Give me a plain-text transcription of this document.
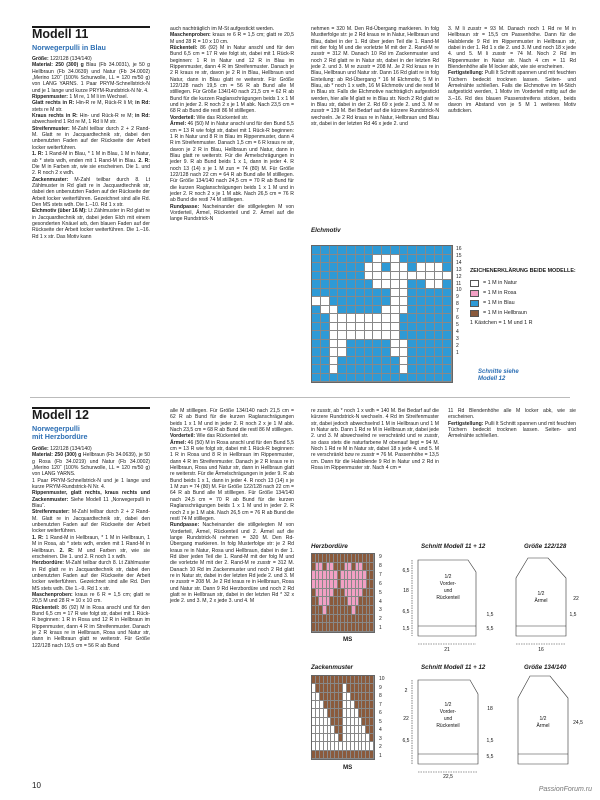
Modell 11
Norwegerpulli in Blau

Größe: 122/128 (134/140)

Material: 250 (300) g Blau (Fb 34.0031), je 50 g Hellbraun (Fb 34.0639) und Natur (Fb 34.0002) „Merino 120“ (100% Schurwolle, LL = 120 m/50 g) von LANG YARNS. 1 Paar PRYM-Schnellstrick-N und je 1 lange und kurze PRYM-Rundstrick-N Nr. 4.

Rippenmuster: 1 M re, 1 M li im Wechsel.

Glatt rechts in R: Hin-R re M, Rück-R li M; in Rd: stets re M str.

Kraus rechts in R: Hin- und Rück-R re M; in Rd: abwechselnd 1 Rd re M, 1 Rd li M str.

Streifenmuster: M-Zahl teilbar durch 2 + 2 Rand-M. Glatt re in Jacquardtechnik str, dabei den unbenutzten Faden auf der Rückseite der Arbeit locker weiterführen.

1. R: 1 Rand-M in Blau, * 1 M in Blau, 1 M in Natur, ab * stets wdh, enden mit 1 Rand-M in Blau. 2. R: Die M in Farben str, wie sie erscheinen. Die 1. und 2. R noch 2 x wdh.

Zackenmuster: M-Zahl teilbar durch 8. Lt Zählmuster in Rd glatt re in Jacquardtechnik str, dabei den unbenutzten Faden auf der Rückseite der Arbeit locker weiterführen. Gezeichnet sind alle Rd. Den MS stets wdh. Die 1.–10. Rd 1 x str.

Elchmotiv (über 16 M): Lt Zählmuster in Rd glatt re in Jacquardtechnik str, dabei jeden Elch mit einem gesonderten Knäuel arb, den blauen Faden auf der Rückseite der Arbeit locker weiterführen. Die 1.–16. Rd 1 x str. Das Motiv kann

auch nachträglich im M-St aufgestickt werden.

Maschenproben: kraus re 6 R = 1,5 cm; glatt re 20,5 M und 28 R = 10 x 10 cm.

Rückenteil: 86 (92) M in Natur anschl und für den Bund 6,5 cm = 17 R wie folgt str, dabei mit 1 Rück-R beginnen: 1 R in Natur und 12 R in Blau im Rippenmuster, dann 4 R im Streifenmuster. Danach je 2 R kraus re str, davon je 2 R in Blau, Hellbraun und Natur, dann in Blau glatt re weiterstr. Für Größe 122/128 nach 19,5 cm = 56 R ab Bund alle M stilllegen. Für Größe 134/140 nach 21,5 cm = 62 R ab Bund für die kurzen Raglanschrägungen beids 1 x 1 M und in jeder 2. R noch 2 x je 1 M abk. Nach 23,5 cm = 68 R ab Bund die restl 86 M stilllegen.

Vorderteil: Wie das Rückenteil str.

Ärmel: 46 (50) M in Natur anschl und für den Bund 5,5 cm = 13 R wie folgt str, dabei mit 1 Rück-R beginnen: 1 R in Natur und 8 R in Blau im Rippenmuster, dann 4 R im Streifenmuster. Danach 1,5 cm = 6 R kraus re str, davon je 2 R in Blau, Hellbraun und Natur, dann in Blau glatt re weiterstr. Für die Ärmelschrägungen in jeder 9. R ab Bund beids 1 x 1, dann in jeder 4. R noch 13 (14) x je 1 M zun = 74 (80) M. Für Größe 122/128 nach 22 cm = 64 R ab Bund alle M stilllegen. Für Größe 134/140 nach 24,5 cm = 70 R ab Bund für die kurzen Raglanschrägungen beids 1 x 1 M und in jeder 2. R noch 2 x je 1 M abk. Nach 26,5 cm = 76 R ab Bund die restl 74 M stilllegen.

Rundpasse: Nacheinander die stillgelegten M von Vorderteil, Ärmel, Rückenteil und 2. Ärmel auf die lange Rundstrick-N

nehmen = 320 M. Den Rd-Übergang markieren. In folg Mustterfolge str: je 2 Rd kraus re in Natur, Hellbraun und Blau, dabei in der 1. Rd über jeden Teil die 1. Rand-M mit der folg M und die vorletzte M mit der 2. Rand-M re zusstr = 312 M. Danach 10 Rd im Zackenmuster und noch 2 Rd glatt re in Natur str, dabei in der letzten Rd jede 2. und 3. M re zusstr = 208 M. Je 2 Rd kraus re in Blau, Hellbraun und Natur str. Dann 16 Rd glatt re in folg Einteilung: ab Rd-Übergang * 16 M Elchmotiv, 5 M in Blau, ab * noch 1 x wdh, 16 M Elchmotiv und die restl M in Blau str. Falls die Elchmotive nachträglich aufgestickt werden, hier alle M glatt re in Blau str. Noch 2 Rd glatt re in Blau str, dabei in der 2. Rd 69 x jede 2. und 3. M re zusstr = 139 M. Bei Bedarf auf die kürzere Rundstrick-N wechseln. Je 2 Rd kraus re in Natur, Hellbraun und Blau str, dabei in der letzten Rd 46 x jede 2. und

3. M li zusstr = 93 M. Danach noch 1 Rd re M in Hellbraun str = 15,5 cm Passenhöhe. Dann für die Halsblende 9 Rd im Rippenmuster in Hellbraun str, dabei in der 1. Rd 1 x die 2. und 3. M und noch 18 x jede 4. und 5. M li zusstr = 74 M. Noch 2 Rd im Rippenmuster in Natur str. Nach 4 cm = 11 Rd Blendenhöhe alle M locker abk, wie sie erscheinen.

Fertigstellung: Pulli lt Schnitt spannen und mit feuchten Tüchern bedeckt trocknen lassen. Seiten- und Ärmelnähte schließen. Falls die Elchmotive im M-Stich aufgestickt werden, 1 Motiv im Vorderteil mittig auf die 3.–16. Rd des blauen Passenstreifens sticken, beids davon im Abstand von je 5 M 1 weiteres Motiv aufsticken.

Elchmotiv
16
15
14
13
12
11
10
9
8
7
6
5
4
3
2
1
ZEICHENERKLÄRUNG BEIDE MODELLE:
= 1 M in Natur
= 1 M in Rosa
= 1 M in Blau
= 1 M in Hellbraun
1 Kästchen = 1 M und 1 R
Schnitte siehe
Modell 12
Modell 12
Norwegerpulli
mit Herzbordüre

Größe: 122/128 (134/140)

Material: 250 (300) g Hellbraun (Fb 34.0639), je 50 g Rosa (Fb 34.0219) und Natur (Fb 34.0002) „Merino 120“ (100% Schurwolle, LL = 120 m/50 g) von LANG YARNS.

1 Paar PRYM-Schnellstrick-N und je 1 lange und kurze PRYM-Rundstrick-N Nr. 4.

Rippenmuster, glatt rechts, kraus rechts und Zackenmuster: Siehe Modell 11 „Norwegerpulli in Blau“.

Streifenmuster: M-Zahl teilbar durch 2 + 2 Rand-M. Glatt re in Jacquardtechnik str, dabei den unbenutzten Faden auf der Rückseite der Arbeit locker weiterführen.

1. R: 1 Rand-M in Hellbraun, * 1 M in Hellbraun, 1 M in Rosa, ab * stets wdh, enden mit 1 Rand-M in Hellbraun. 2. R: M und Farben str, wie sie erscheinen. Die 1. und 2. R noch 1 x wdh.

Herzbordüre: M-Zahl teilbar durch 8. Lt Zählmuster in Rd glatt re in Jacquardtechnik str, dabei den unbenutzten Faden auf der Rückseite der Arbeit locker weiterführen. Gezeichnet sind alle Rd. Den MS stets wdh. Die 1.–9. Rd 1 x str.

Maschenproben: kraus re 6 R = 1,5 cm; glatt re 20,5 M und 28 R = 10 x 10 cm.

Rückenteil: 86 (92) M in Rosa anschl und für den Bund 6,5 cm = 17 R wie folgt str, dabei mit 1 Rück-R beginnen: 1 R in Rosa und 12 R in Hellbraun im Rippenmuster, dann 4 R im Streifenmuster. Danach je 2 R kraus re in Hellbraun, Rosa und Natur str, dann in Hellbraun glatt re weiterstr. Für Größe 122/128 nach 19,5 cm = 56 R ab Bund

alle M stilllegen. Für Größe 134/140 nach 21,5 cm = 62 R ab Bund für die kurzen Raglanschrägungen beids 1 x 1 M und in jeder 2. R noch 2 x je 1 M abk. Nach 23,5 cm = 68 R ab Bund die restl 86 M stilllegen.

Vorderteil: Wie das Rückenteil str.

Ärmel: 46 (50) M in Rosa anschl und für den Bund 5,5 cm = 13 R wie folgt str, dabei mit 1 Rück-R beginnen: 1 R in Rosa und 8 R in Hellbraun im Rippenmuster, dann 4 R im Streifenmuster. Danach je 2 R kraus re in Hellbraun, Rosa und Natur str, dann in Hellbraun glatt re weiterstr. Für die Ärmelschrägungen in jeder 9. R ab Bund beids 1 x 1, dann in jeder 4. R noch 13 (14) x je 1 M zun = 74 (80) M. Für Größe 122/128 nach 22 cm = 64 R ab Bund alle M stilllegen. Für Größe 134/140 nach 24,5 cm = 70 R ab Bund für die kurzen Raglanschrägungen beids 1 x 1 M und in jeder 2. R noch 2 x je 1 M abk. Nach 26,5 cm = 76 R ab Bund die restl 74 M stilllegen.

Rundpasse: Nacheinander die stillgelegten M von Vorderteil, Ärmel, Rückenteil und 2. Ärmel auf die lange Rundstrick-N nehmen = 320 M. Den Rd-Übergang markieren. In folg Musterfolge str: je 2 Rd kraus re in Natur, Rosa und Hellbraun, dabei in der 1. Rd über jeden Teil die 1. Rand-M mit der folg M und die vorletzte M mit der 2. Rand-M re zusstr = 312 M. Danach 10 Rd im Zackenmuster und noch 2 Rd glatt re in Natur str, dabei in der letzten Rd jede 2. und 3. M re zusstr = 208 M. Je 2 Rd kraus re in Hellbraun, Rosa und Natur str. Dann 9 Rd Herzbordüre und noch 2 Rd glatt re in Hellbraun str, dabei in der letzten Rd * 32 x jede 2. und 3. M, 2 x jede 3. und 4. M

re zusstr, ab * noch 1 x wdh = 140 M. Bei Bedarf auf die kürzere Rundstrick-N wechseln. 4 Rd im Streifenmuster str, dabei jedoch abwechselnd 1 M in Hellbraun und 1 M in Natur arb. Dann 1 Rd re M in Hellbraun str, dabei jede 2. und 3. M abwechselnd re verschränkt und re zusstr, so dass stets die naturfarbene M obenauf liegt = 94 M. Noch 1 Rd re M in Natur str, dabei 18 x jede 4. und 5. M re verschränkt bzw re zusstr = 76 M. Passenhöhe = 13,5 cm. Dann für die Halsblende 9 Rd in Natur und 2 Rd in Rosa im Rippenmuster str. Nach 4 cm =

11 Rd Blendenhöhe alle M locker abk, wie sie erscheinen.

Fertigstellung: Pulli lt Schnitt spannen und mit feuchten Tüchern bedeckt trocknen lassen. Seiten- und Ärmelnähte schließen.

Herzbordüre
9
8
7
6
5
4
3
2
1
MS
Zackenmuster
10
9
8
7
6
5
4
3
2
1
MS
Schnitt Modell 11 + 12	Größe 122/128
1/2
Vorder-
und
Rückenteil
1/2
Ärmel
18
6,5
1,5
21	16
1,5
5,5
22
1,5
6,5
Schnitt Modell 11 + 12	Größe 134/140
1/2
Vorder-
und
Rückenteil
1/2
Ärmel
2
22
6,5
22,5
24,5
1,5
5,5
18
10	PassionForum.ru
